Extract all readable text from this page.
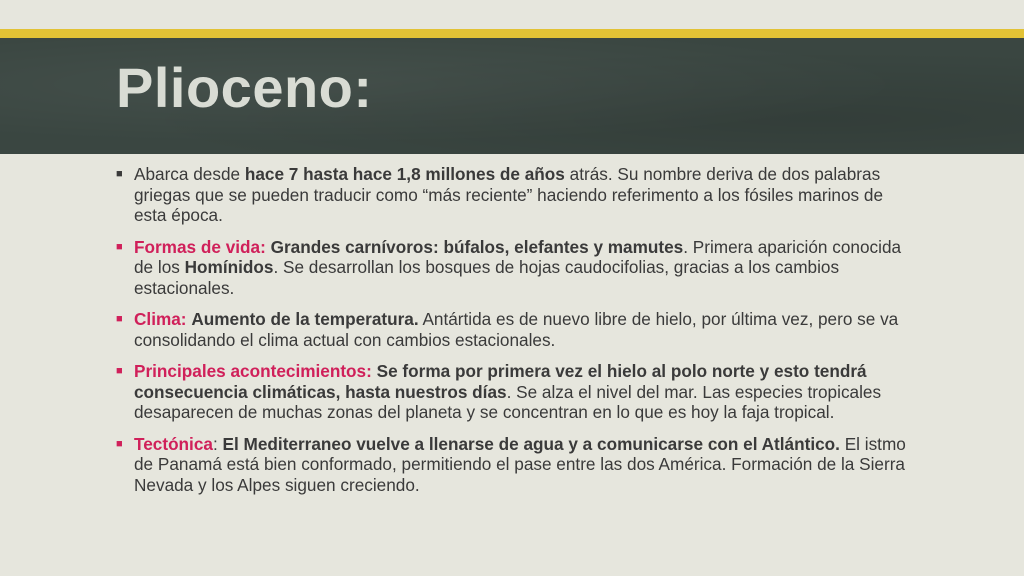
Plioceno:
■ Abarca desde hace 7 hasta hace 1,8 millones de años atrás. Su nombre deriva de dos palabras griegas que se pueden traducir como “más reciente” haciendo referimento a los fósiles marinos de esta época.
■ Formas de vida: Grandes carnívoros: búfalos, elefantes y mamutes. Primera aparición conocida de los Homínidos. Se desarrollan los bosques de hojas caudocifolias, gracias a los cambios estacionales.
■ Clima: Aumento de la temperatura. Antártida es de nuevo libre de hielo, por última vez, pero se va consolidando el clima actual con cambios estacionales.
■ Principales acontecimientos: Se forma por primera vez el hielo al polo norte y esto tendrá consecuencia climáticas, hasta nuestros días. Se alza el nivel del mar. Las especies tropicales desaparecen de muchas zonas del planeta y se concentran en lo que es hoy la faja tropical.
■ Tectónica: El Mediterraneo vuelve a llenarse de agua y a comunicarse con el Atlántico. El istmo de Panamá está bien conformado, permitiendo el pase entre las dos América. Formación de la Sierra Nevada y los Alpes siguen creciendo.
